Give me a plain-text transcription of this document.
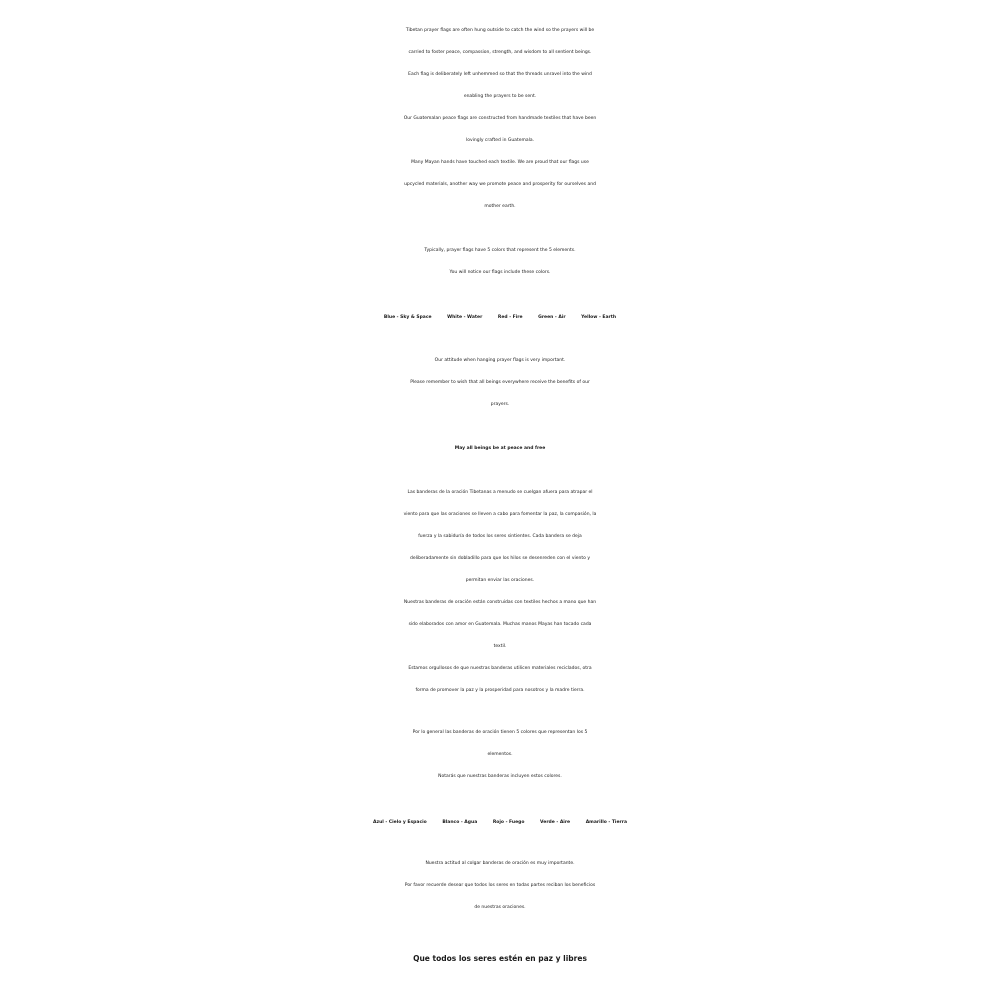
Tibetan prayer flags are often hung outside to catch the wind so the prayers will be
carried to foster peace, compassion, strength, and wisdom to all sentient beings.
Each flag is deliberately left unhemmed so that the threads unravel into the wind
enabling the prayers to be sent.
Our Guatemalan peace flags are constructed from handmade textiles that have been
lovingly crafted in Guatemala.
Many Mayan hands have touched each textile. We are proud that our flags use
upcycled materials, another way we promote peace and prosperity for ourselves and
mother earth.
Typically, prayer flags have 5 colors that represent the 5 elements.
You will notice our flags include these colors.
Blue - Sky & Space	White - Water	Red - Fire	Green - Air	Yellow - Earth
Our attitude when hanging prayer flags is very important.
Please remember to wish that all beings everywhere receive the benefits of our
prayers.
May all beings be at peace and free
Las banderas de la oración Tibetanas a menudo se cuelgan afuera para atrapar el
viento para que las oraciones se lleven a cabo para fomentar la paz, la compasión, la
fuerza y la sabiduría de todos los seres sintientes. Cada bandera se deja
deliberadamente sin dobladillo para que los hilos se desenreden con el viento y
permitan enviar las oraciones.
Nuestras banderas de oración están construidas con textiles hechos a mano que han
sido elaborados con amor en Guatemala. Muchas manos Mayas han tocado cada
textil.
Estamos orgullosos de que nuestras banderas utilicen materiales reciclados, otra
forma de promover la paz y la prosperidad para nosotros y la madre tierra.
Por lo general las banderas de oración tienen 5 colores que representan los 5
elementos.
Notarás que nuestras banderas incluyen estos colores.
Azul - Cielo y Espacio	Blanco - Agua	Rojo - Fuego	Verde - Aire	Amarillo - Tierra
Nuestra actitud al colgar banderas de oración es muy importante.
Por favor recuerde desear que todos los seres en todas partes reciban los beneficios
de nuestras oraciones.
Que todos los seres estén en paz y libres
